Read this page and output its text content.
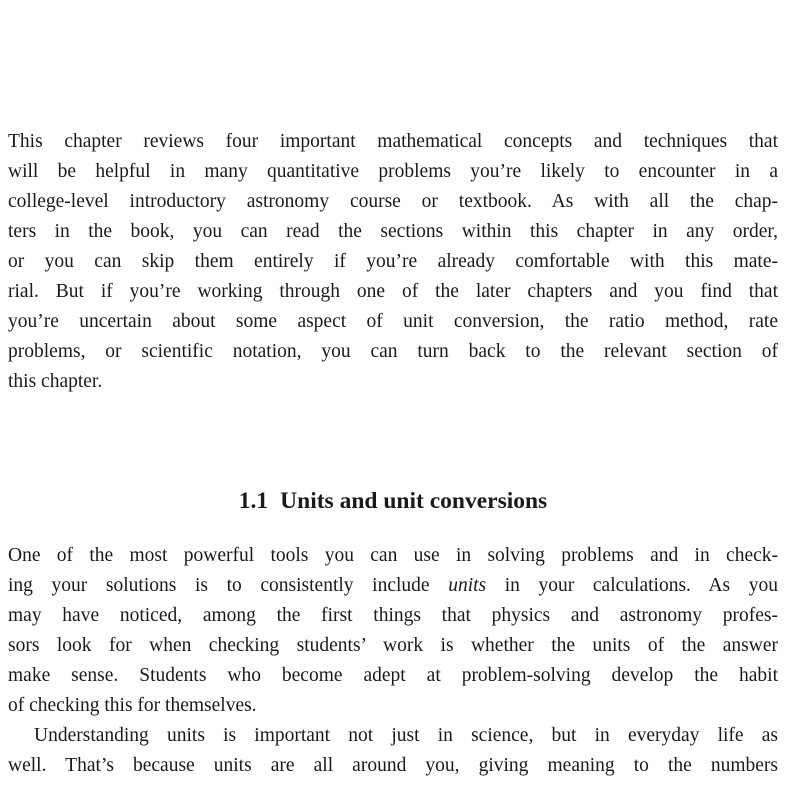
This chapter reviews four important mathematical concepts and techniques that
will be helpful in many quantitative problems you’re likely to encounter in a
college-level introductory astronomy course or textbook. As with all the chap-
ters in the book, you can read the sections within this chapter in any order,
or you can skip them entirely if you’re already comfortable with this mate-
rial. But if you’re working through one of the later chapters and you find that
you’re uncertain about some aspect of unit conversion, the ratio method, rate
problems, or scientific notation, you can turn back to the relevant section of
this chapter.
1.1 Units and unit conversions
One of the most powerful tools you can use in solving problems and in check-
ing your solutions is to consistently include units in your calculations. As you
may have noticed, among the first things that physics and astronomy profes-
sors look for when checking students’ work is whether the units of the answer
make sense. Students who become adept at problem-solving develop the habit
of checking this for themselves.
Understanding units is important not just in science, but in everyday life as
well. That’s because units are all around you, giving meaning to the numbers
